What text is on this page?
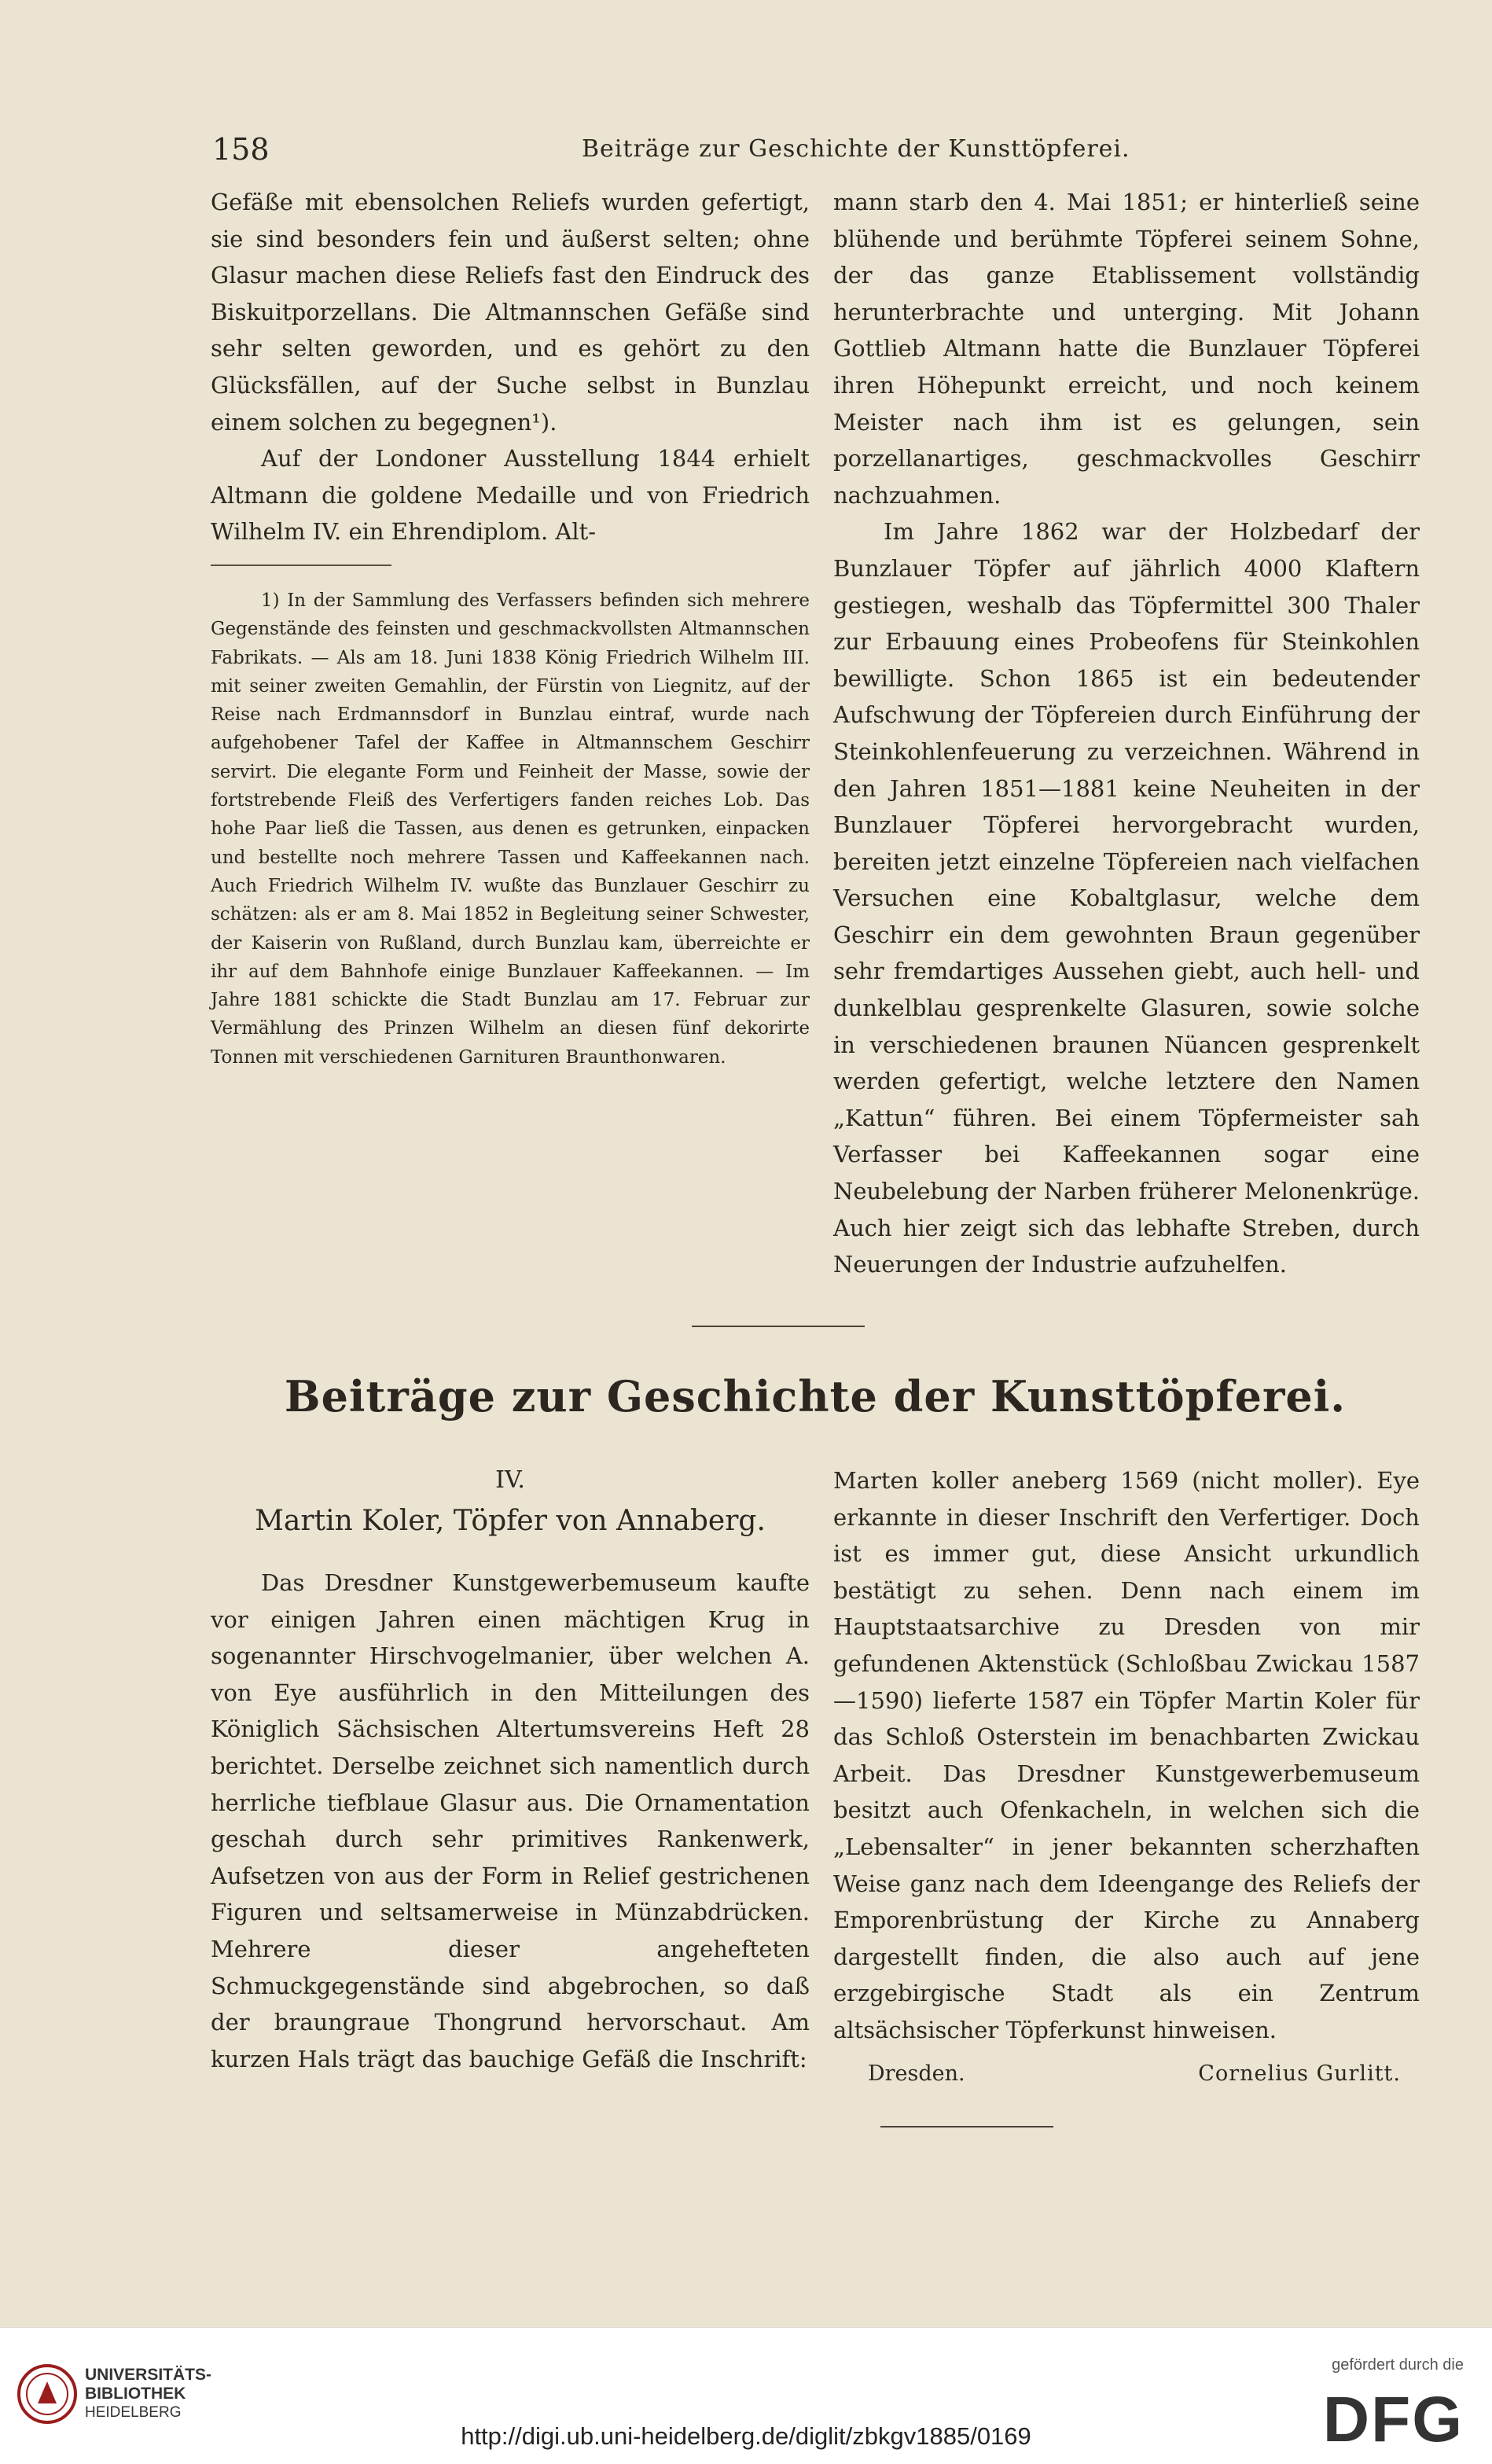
158	Beiträge zur Geschichte der Kunsttöpferei.

Gefäße mit ebensolchen Reliefs wurden gefertigt, sie sind besonders fein und äußerst selten; ohne Glasur machen diese Reliefs fast den Eindruck des Biskuitporzellans. Die Altmannschen Gefäße sind sehr selten geworden, und es gehört zu den Glücksfällen, auf der Suche selbst in Bunzlau einem solchen zu begegnen¹).

Auf der Londoner Ausstellung 1844 erhielt Altmann die goldene Medaille und von Friedrich Wilhelm IV. ein Ehrendiplom. Alt-

1) In der Sammlung des Verfassers befinden sich mehrere Gegenstände des feinsten und geschmackvollsten Altmannschen Fabrikats. — Als am 18. Juni 1838 König Friedrich Wilhelm III. mit seiner zweiten Gemahlin, der Fürstin von Liegnitz, auf der Reise nach Erdmannsdorf in Bunzlau eintraf, wurde nach aufgehobener Tafel der Kaffee in Altmannschem Geschirr servirt. Die elegante Form und Feinheit der Masse, sowie der fortstrebende Fleiß des Verfertigers fanden reiches Lob. Das hohe Paar ließ die Tassen, aus denen es getrunken, einpacken und bestellte noch mehrere Tassen und Kaffeekannen nach. Auch Friedrich Wilhelm IV. wußte das Bunzlauer Geschirr zu schätzen: als er am 8. Mai 1852 in Begleitung seiner Schwester, der Kaiserin von Rußland, durch Bunzlau kam, überreichte er ihr auf dem Bahnhofe einige Bunzlauer Kaffeekannen. — Im Jahre 1881 schickte die Stadt Bunzlau am 17. Februar zur Vermählung des Prinzen Wilhelm an diesen fünf dekorirte Tonnen mit verschiedenen Garnituren Braunthonwaren.

mann starb den 4. Mai 1851; er hinterließ seine blühende und berühmte Töpferei seinem Sohne, der das ganze Etablissement vollständig herunterbrachte und unterging. Mit Johann Gottlieb Altmann hatte die Bunzlauer Töpferei ihren Höhepunkt erreicht, und noch keinem Meister nach ihm ist es gelungen, sein porzellanartiges, geschmackvolles Geschirr nachzuahmen.

Im Jahre 1862 war der Holzbedarf der Bunzlauer Töpfer auf jährlich 4000 Klaftern gestiegen, weshalb das Töpfermittel 300 Thaler zur Erbauung eines Probeofens für Steinkohlen bewilligte. Schon 1865 ist ein bedeutender Aufschwung der Töpfereien durch Einführung der Steinkohlenfeuerung zu verzeichnen. Während in den Jahren 1851—1881 keine Neuheiten in der Bunzlauer Töpferei hervorgebracht wurden, bereiten jetzt einzelne Töpfereien nach vielfachen Versuchen eine Kobaltglasur, welche dem Geschirr ein dem gewohnten Braun gegenüber sehr fremdartiges Aussehen giebt, auch hell- und dunkelblau gesprenkelte Glasuren, sowie solche in verschiedenen braunen Nüancen gesprenkelt werden gefertigt, welche letztere den Namen „Kattun“ führen. Bei einem Töpfermeister sah Verfasser bei Kaffeekannen sogar eine Neubelebung der Narben früherer Melonenkrüge. Auch hier zeigt sich das lebhafte Streben, durch Neuerungen der Industrie aufzuhelfen.

Beiträge zur Geschichte der Kunsttöpferei.
IV.
Martin Koler, Töpfer von Annaberg.

Das Dresdner Kunstgewerbemuseum kaufte vor einigen Jahren einen mächtigen Krug in sogenannter Hirschvogelmanier, über welchen A. von Eye ausführlich in den Mitteilungen des Königlich Sächsischen Altertumsvereins Heft 28 berichtet. Derselbe zeichnet sich namentlich durch herrliche tiefblaue Glasur aus. Die Ornamentation geschah durch sehr primitives Rankenwerk, Aufsetzen von aus der Form in Relief gestrichenen Figuren und seltsamerweise in Münzabdrücken. Mehrere dieser angehefteten Schmuckgegenstände sind abgebrochen, so daß der braungraue Thongrund hervorschaut. Am kurzen Hals trägt das bauchige Gefäß die Inschrift:

Marten koller aneberg 1569 (nicht moller). Eye erkannte in dieser Inschrift den Verfertiger. Doch ist es immer gut, diese Ansicht urkundlich bestätigt zu sehen. Denn nach einem im Hauptstaatsarchive zu Dresden von mir gefundenen Aktenstück (Schloßbau Zwickau 1587—1590) lieferte 1587 ein Töpfer Martin Koler für das Schloß Osterstein im benachbarten Zwickau Arbeit. Das Dresdner Kunstgewerbemuseum besitzt auch Ofenkacheln, in welchen sich die „Lebensalter“ in jener bekannten scherzhaften Weise ganz nach dem Ideengange des Reliefs der Emporenbrüstung der Kirche zu Annaberg dargestellt finden, die also auch auf jene erzgebirgische Stadt als ein Zentrum altsächsischer Töpferkunst hinweisen.

Dresden.	Cornelius Gurlitt.
UNIVERSITÄTS-
BIBLIOTHEK
HEIDELBERG
http://digi.ub.uni-heidelberg.de/diglit/zbkgv1885/0169
gefördert durch die
DFG
